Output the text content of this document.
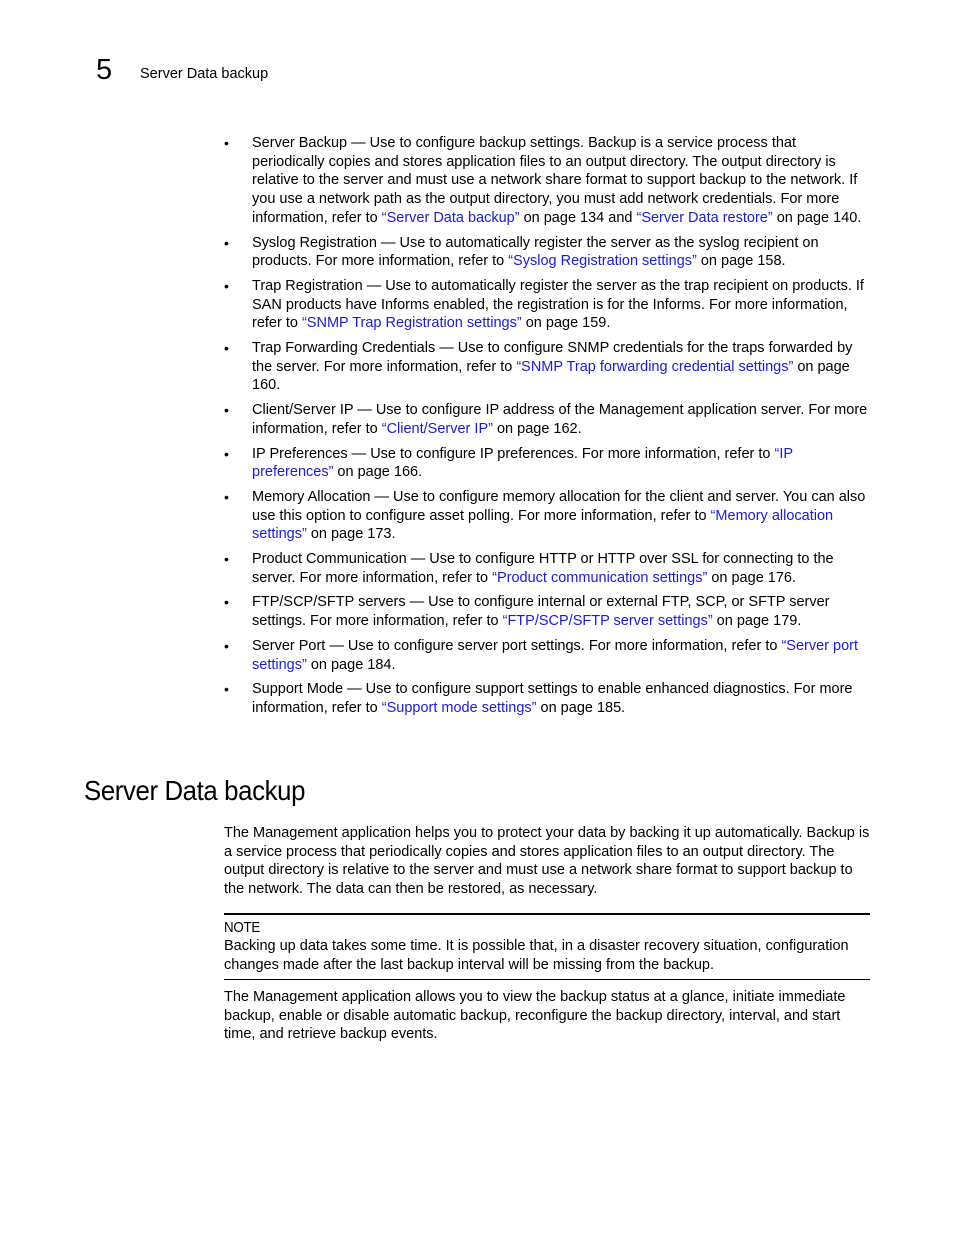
5 Server Data backup
• Server Backup — Use to configure backup settings. Backup is a service process that periodically copies and stores application files to an output directory. The output directory is relative to the server and must use a network share format to support backup to the network. If you use a network path as the output directory, you must add network credentials. For more information, refer to “Server Data backup” on page 134 and “Server Data restore” on page 140.
• Syslog Registration — Use to automatically register the server as the syslog recipient on products. For more information, refer to “Syslog Registration settings” on page 158.
• Trap Registration — Use to automatically register the server as the trap recipient on products. If SAN products have Informs enabled, the registration is for the Informs. For more information, refer to “SNMP Trap Registration settings” on page 159.
• Trap Forwarding Credentials — Use to configure SNMP credentials for the traps forwarded by the server. For more information, refer to “SNMP Trap forwarding credential settings” on page 160.
• Client/Server IP — Use to configure IP address of the Management application server. For more information, refer to “Client/Server IP” on page 162.
• IP Preferences — Use to configure IP preferences. For more information, refer to “IP preferences” on page 166.
• Memory Allocation — Use to configure memory allocation for the client and server. You can also use this option to configure asset polling. For more information, refer to “Memory allocation settings” on page 173.
• Product Communication — Use to configure HTTP or HTTP over SSL for connecting to the server. For more information, refer to “Product communication settings” on page 176.
• FTP/SCP/SFTP servers — Use to configure internal or external FTP, SCP, or SFTP server settings. For more information, refer to “FTP/SCP/SFTP server settings” on page 179.
• Server Port — Use to configure server port settings. For more information, refer to “Server port settings” on page 184.
• Support Mode — Use to configure support settings to enable enhanced diagnostics. For more information, refer to “Support mode settings” on page 185.
Server Data backup

The Management application helps you to protect your data by backing it up automatically. Backup is a service process that periodically copies and stores application files to an output directory. The output directory is relative to the server and must use a network share format to support backup to the network. The data can then be restored, as necessary.

NOTE

Backing up data takes some time. It is possible that, in a disaster recovery situation, configuration changes made after the last backup interval will be missing from the backup.

The Management application allows you to view the backup status at a glance, initiate immediate backup, enable or disable automatic backup, reconfigure the backup directory, interval, and start time, and retrieve backup events.
